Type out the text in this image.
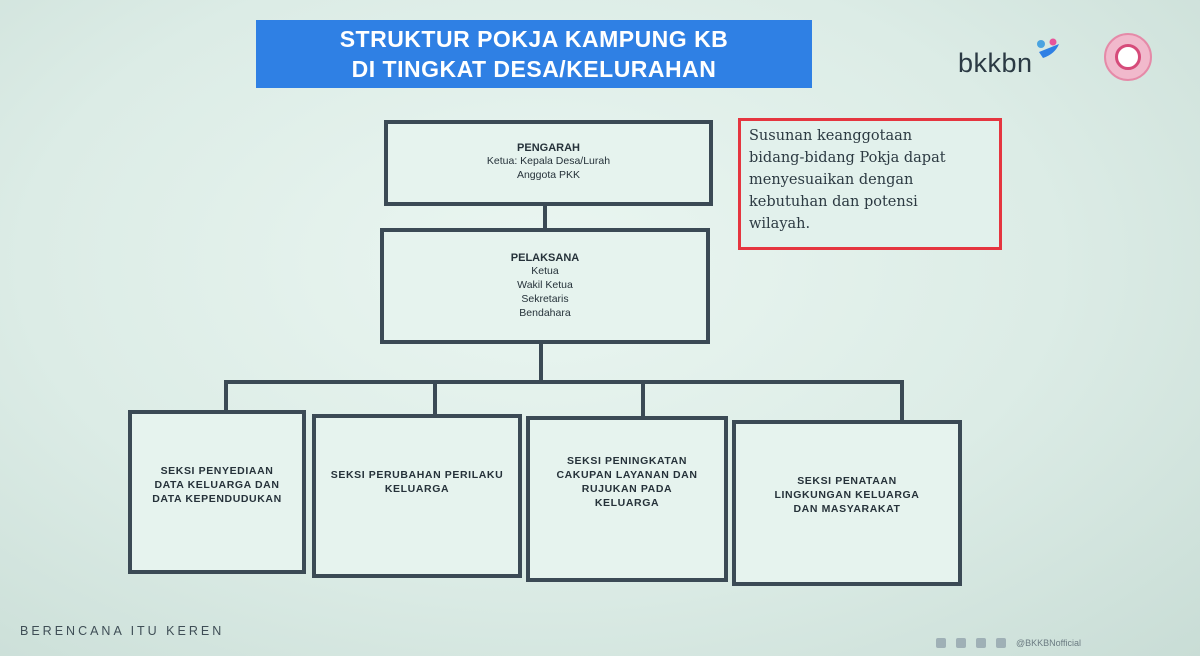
STRUKTUR POKJA KAMPUNG KB
DI TINGKAT DESA/KELURAHAN	bkkbn
PENGARAH
Ketua: Kepala Desa/Lurah
Anggota PKK
PELAKSANA
Ketua
Wakil Ketua
Sekretaris
Bendahara
SEKSI PENYEDIAAN
DATA KELUARGA DAN
DATA KEPENDUDUKAN
SEKSI PERUBAHAN PERILAKU
KELUARGA
SEKSI PENINGKATAN
CAKUPAN LAYANAN DAN
RUJUKAN PADA
KELUARGA
SEKSI PENATAAN
LINGKUNGAN KELUARGA
DAN MASYARAKAT
Susunan keanggotaan
bidang-bidang Pokja dapat
menyesuaikan dengan
kebutuhan dan potensi
wilayah.
BERENCANA ITU KEREN
@BKKBNofficial
